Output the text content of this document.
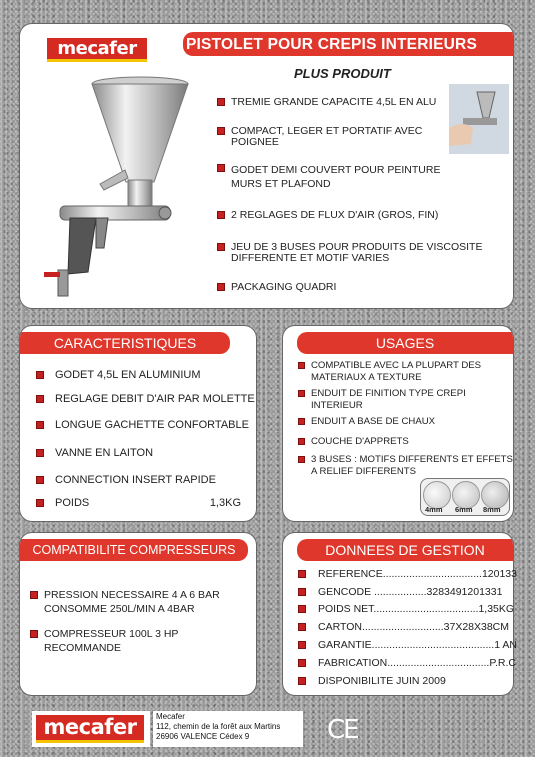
mecafer	PISTOLET POUR CREPIS INTERIEURS
PLUS PRODUIT
TREMIE GRANDE CAPACITE 4,5L EN ALU
COMPACT, LEGER ET PORTATIF AVEC POIGNEE
GODET DEMI COUVERT POUR PEINTURE MURS ET PLAFOND
2 REGLAGES DE FLUX D'AIR (GROS, FIN)
JEU DE 3 BUSES POUR PRODUITS DE VISCOSITE DIFFERENTE ET MOTIF VARIES
PACKAGING QUADRI
CARACTERISTIQUES
GODET 4,5L EN ALUMINIUM
REGLAGE DEBIT D'AIR PAR MOLETTE
LONGUE GACHETTE CONFORTABLE
VANNE EN LAITON
CONNECTION INSERT RAPIDE
POIDS	1,3KG
USAGES
COMPATIBLE AVEC LA PLUPART DES MATERIAUX A TEXTURE
ENDUIT DE FINITION TYPE CREPI INTERIEUR
ENDUIT A BASE DE CHAUX
COUCHE D'APPRETS
3 BUSES : MOTIFS DIFFERENTS ET EFFETS A RELIEF DIFFERENTS
4mm 6mm 8mm
COMPATIBILITE COMPRESSEURS
PRESSION NECESSAIRE 4 A 6 BAR CONSOMME 250L/MIN A 4BAR
COMPRESSEUR 100L 3 HP RECOMMANDE
DONNEES DE GESTION
REFERENCE..................................120133
GENCODE ..................3283491201331
POIDS NET....................................1,35KG
CARTON............................37X28X38CM
GARANTIE..........................................1 AN
FABRICATION...................................P.R.C
DISPONIBILITE JUIN 2009
mecafer	Mecafer
112, chemin de la forêt aux Martins
26906 VALENCE Cédex 9	CE
